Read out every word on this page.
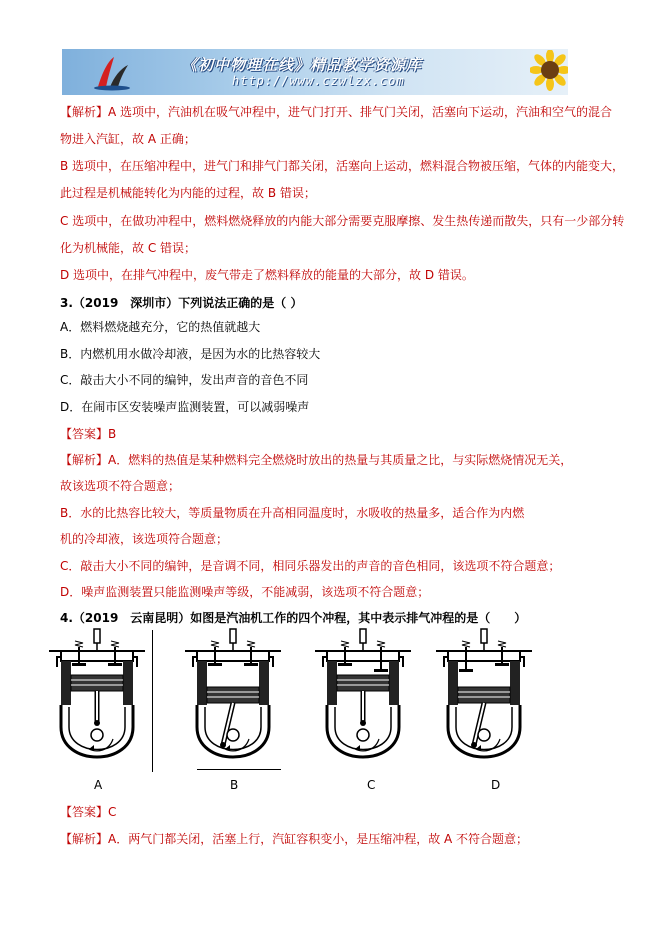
《初中物理在线》精品教学资源库
http://www.czwlzx.com
【解析】A 选项中，汽油机在吸气冲程中，进气门打开、排气门关闭，活塞向下运动，汽油和空气的混合
物进入汽缸，故 A 正确；
B 选项中，在压缩冲程中，进气门和排气门都关闭，活塞向上运动，燃料混合物被压缩，气体的内能变大，
此过程是机械能转化为内能的过程，故 B 错误；
C 选项中，在做功冲程中，燃料燃烧释放的内能大部分需要克服摩擦、发生热传递而散失，只有一少部分转
化为机械能，故 C 错误；
D 选项中，在排气冲程中，废气带走了燃料释放的能量的大部分，故 D 错误。
3.（2019　深圳市）下列说法正确的是（ ）
A．燃料燃烧越充分，它的热值就越大
B．内燃机用水做冷却液，是因为水的比热容较大
C．敲击大小不同的编钟，发出声音的音色不同
D．在闹市区安装噪声监测装置，可以减弱噪声
【答案】B
【解析】A．燃料的热值是某种燃料完全燃烧时放出的热量与其质量之比，与实际燃烧情况无关，
故该选项不符合题意；
B．水的比热容比较大，等质量物质在升高相同温度时，水吸收的热量多，适合作为内燃
机的冷却液，该选项符合题意；
C．敲击大小不同的编钟，是音调不同，相同乐器发出的声音的音色相同，该选项不符合题意；
D．噪声监测装置只能监测噪声等级，不能减弱，该选项不符合题意；
4.（2019　云南昆明）如图是汽油机工作的四个冲程，其中表示排气冲程的是（　　）
【答案】C
【解析】A．两气门都关闭，活塞上行，汽缸容积变小，是压缩冲程，故 A 不符合题意；
A	B	C	D
